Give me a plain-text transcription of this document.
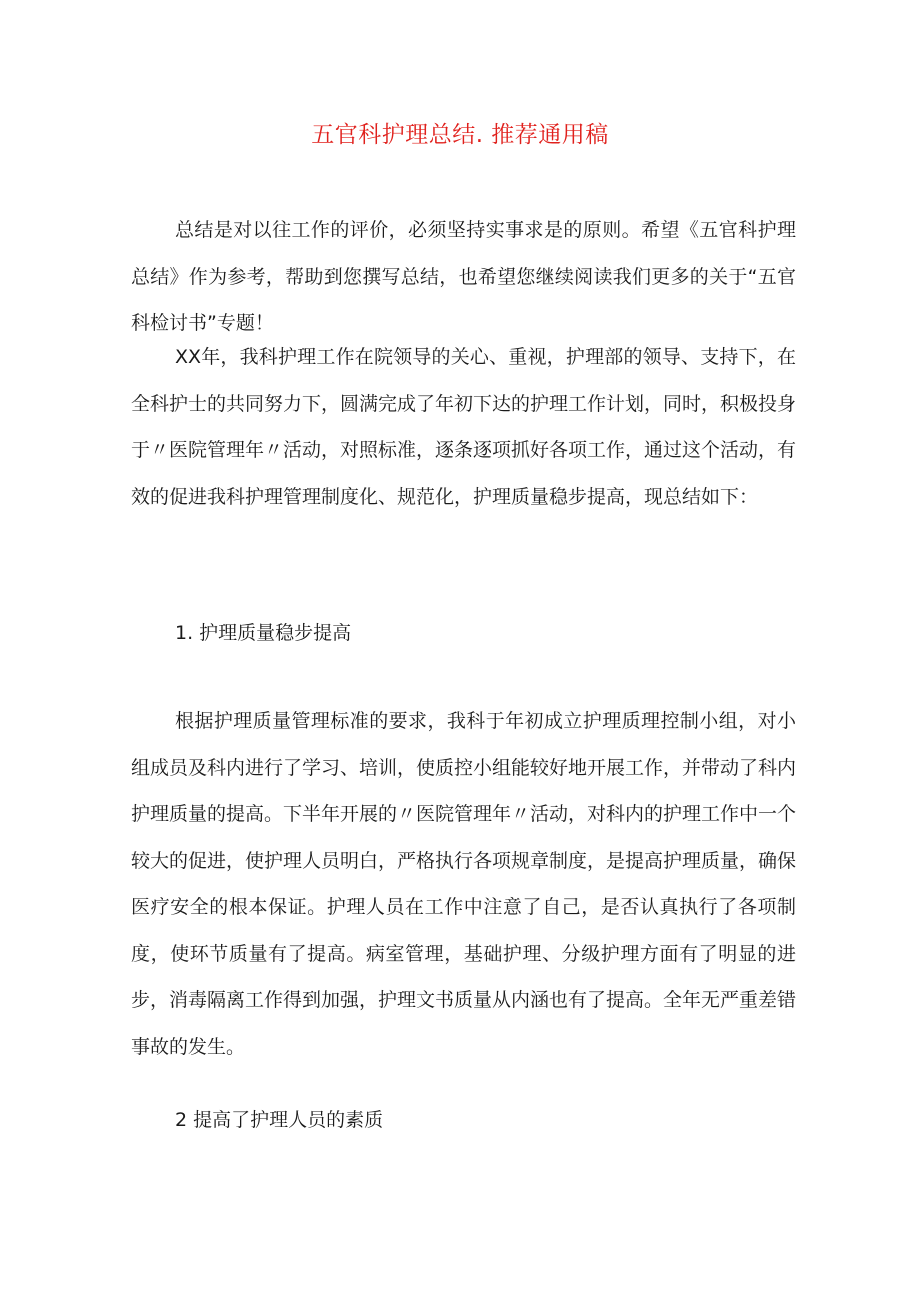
五官科护理总结. 推荐通用稿

总结是对以往工作的评价，必须坚持实事求是的原则。希望《五官科护理总结》作为参考，帮助到您撰写总结，也希望您继续阅读我们更多的关于“五官科检讨书”专题！

XX年，我科护理工作在院领导的关心、重视，护理部的领导、支持下，在全科护士的共同努力下，圆满完成了年初下达的护理工作计划，同时，积极投身于〃医院管理年〃活动，对照标准，逐条逐项抓好各项工作，通过这个活动，有效的促进我科护理管理制度化、规范化，护理质量稳步提高，现总结如下：

1. 护理质量稳步提高

根据护理质量管理标准的要求，我科于年初成立护理质理控制小组，对小组成员及科内进行了学习、培训，使质控小组能较好地开展工作，并带动了科内护理质量的提高。下半年开展的〃医院管理年〃活动，对科内的护理工作中一个较大的促进，使护理人员明白，严格执行各项规章制度，是提高护理质量，确保医疗安全的根本保证。护理人员在工作中注意了自己，是否认真执行了各项制度，使环节质量有了提高。病室管理，基础护理、分级护理方面有了明显的进步，消毒隔离工作得到加强，护理文书质量从内涵也有了提高。全年无严重差错事故的发生。

2 提高了护理人员的素质
